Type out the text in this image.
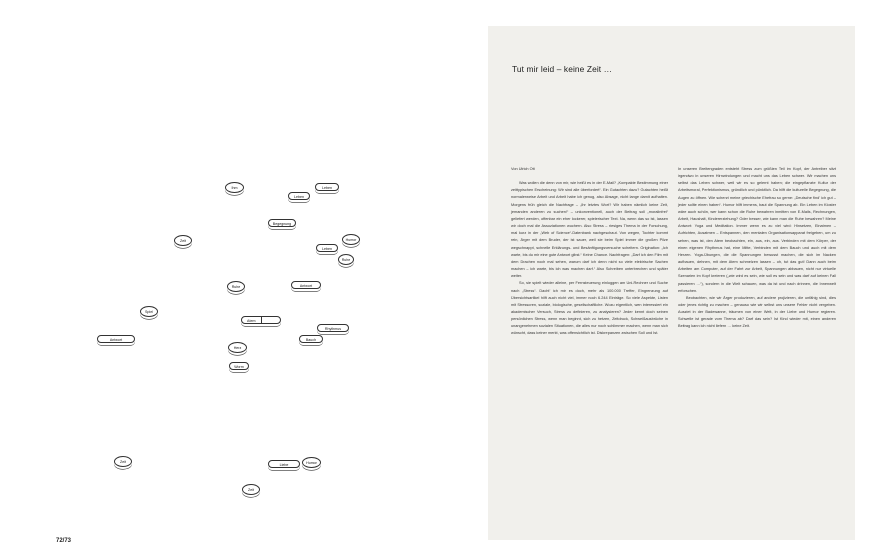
Ihm	Leben
Leben
Begegnung
Zeit
Leben
Humor
Ruhe
Ruhe	Antwort
Spiel
Atem
Rhythmus
Antwort	Bauch
Herz
Worm
Zeit
Liebe	Humor
Zeit
72/73
Tut mir leid – keine Zeit …

Von Ulrich Ott

Was wollen die denn von mir, wie heißt es in der E-Mail? „Kompakte Bestimmung einer zeittypischen Erscheinung: Wir sind alle überfordert“. Ein Gutachten dazu? Gutachten heißt normalerweise Arbeit und Arbeit habe ich genug, also Absage, nicht lange damit aufhalten. Morgens früh gleich die Nachfrage – „Ihr letztes Wort? Wir haben nämlich keine Zeit, jemanden anderen zu suchen!“ – unkonventionell, auch der Beitrag soll „moralinfrei“ geliefert werden, offenbar ein eher lockerer, spielerischer Text. Na, wenn das so ist, lassen wir doch mal die Assoziationen wuchern. Also Stress – riesiges Thema in der Forschung, mal kurz in der „Web of Science“-Datenbank nachgeschaut. Von wegen, Tochter kommt rein, Ärger mit dem Bruder, der ist sauer, weil sie beim Spiel immer die großen Pilze wegschnappt, schnelle Erklärungs- und Besänftigungsversuche scheitern. Originalton: „Ich warte, bis du mir eine gute Antwort gibst.“ Keine Chance. Nachfragen: „Darf ich den Film mit dem Drachen noch mal sehen, warum darf ich denn nicht so viele elektrische Sachen machen – ich warte, bis ich was machen darf.“ Also Schreiben unterbrechen und später weiter.

So, sie spielt wieder alleine, per Fernsteuerung einloggen am Uni-Rechner und Suche nach „Stress“. Dacht’ ich mir es doch, mehr als 100.000 Treffer, Eingrenzung auf Übersichtsartikel hilft auch nicht viel, immer noch 6.244 Einträge. So viele Aspekte, Listen mit Stressoren, soziale, biologische, gesellschaftliche. Wozu eigentlich, wen interessiert ein akademischer Versuch, Stress zu definieren, zu analysieren? Jeder kennt doch seinen persönlichen Stress, wenn man beginnt, sich zu hetzen, Zeitdruck, Schweißausbrüche in unangenehmen sozialen Situationen, die alles nur noch schlimmer machen, wenn man sich wünscht, dass keiner merkt, was offensichtlich ist. Diskrepanzen zwischen Soll und Ist.

In unseren Breitengraden entsteht Stress zum größten Teil im Kopf, der Antreiber sitzt irgendwo in unseren Hirnwindungen und macht uns das Leben schwer. Wir machen uns selbst das Leben schwer, weil wir es so gelernt haben; die eingepflanzte Kultur der Arbeitsmoral, Perfektionismus, gründlich und pünktlich. Da hilft die kulturelle Begegnung, die Augen zu öffnen. Wie scherzt meine griechische Ehefrau so gerne: „Deutsche find’ ich gut – jeder sollte einen haben“. Humor hilft immens, baut die Spannung ab. Ein Leben im Kloster wäre auch schön, wer kann schon die Ruhe bewahren inmitten von E-Mails, Rechnungen, Arbeit, Haushalt, Kindererziehung? Oder besser, wie kann man die Ruhe bewahren? Meine Antwort: Yoga und Meditation. Immer wenn es zu viel wird: Hinsetzen, Einatmen – Aufrichten, Ausatmen – Entspannen, den mentalen Organisationsapparat freigeben, um zu sehen, was ist, den Atem beobachten, ein, aus, ein, aus. Verbinden mit dem Körper, der einen eigenen Rhythmus hat, eine Mitte, Verbinden mit dem Bauch und auch mit dem Herzen. Yoga-Übungen, die die Spannungen bewusst machen, die sich im Nacken aufbauen, dehnen, mit dem Atem schmelzen lassen – oh, tut das gut! Dann auch beim Arbeiten am Computer, auf der Fahrt zur Arbeit, Spannungen abbauen, nicht nur virtuelle Szenarien im Kopf kreieren („wie wird es sein, wie soll es sein und was darf auf keinen Fall passieren …“), sondern in die Welt schauen, was da ist und nach drinnen, die Innenwelt erforschen.

Beobachten, wie wir Ärger produzieren, auf andere projizieren, die unfähig sind, dies oder jenes richtig zu machen – genauso wie wir selbst uns unsere Fehler nicht vergeben. Ausziet in der Badewanne, träumen von einer Welt, in der Liebe und Humor regieren. Schwelle ist gerade vom Thema ab? Darf das sein? Ist Kind wieder mit, einen anderen Beitrag kann ich nicht liefern … keine Zeit.
